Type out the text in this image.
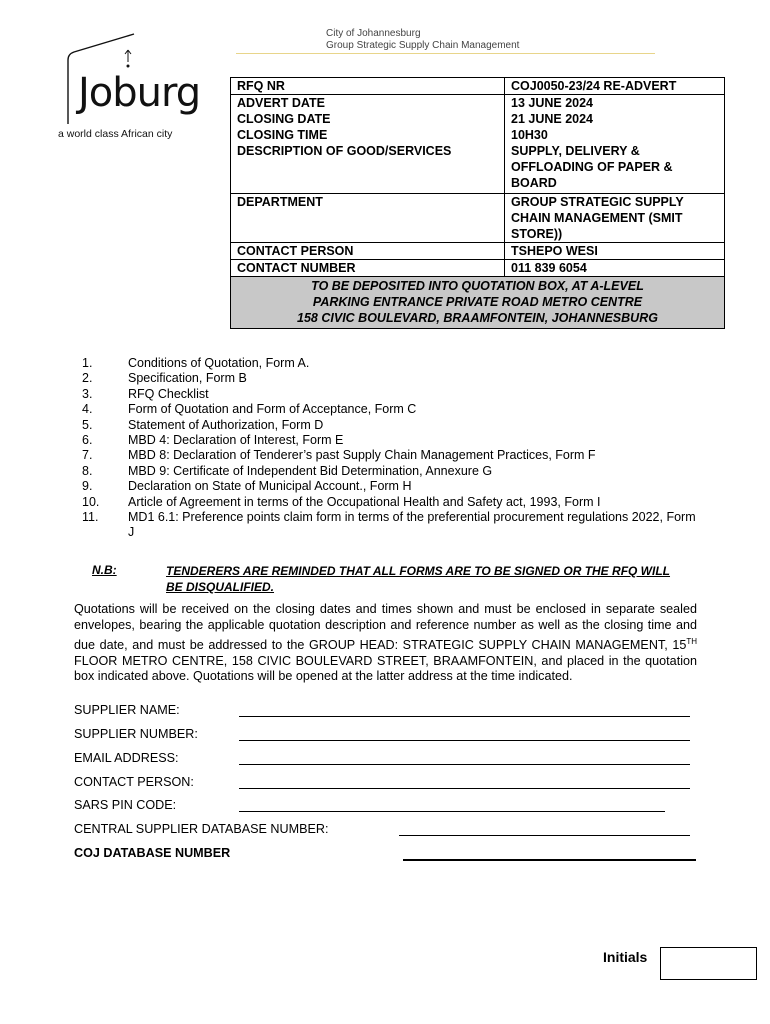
City of Johannesburg
Group Strategic Supply Chain Management
Joburg
a world class African city
RFQ NR	COJ0050-23/24 RE-ADVERT
ADVERT DATE	13 JUNE 2024
CLOSING DATE	21 JUNE 2024
CLOSING TIME	10H30
DESCRIPTION OF GOOD/SERVICES	SUPPLY, DELIVERY & OFFLOADING OF PAPER & BOARD
DEPARTMENT	GROUP STRATEGIC SUPPLY CHAIN MANAGEMENT (SMIT STORE))
CONTACT PERSON	TSHEPO WESI
CONTACT NUMBER	011 839 6054
TO BE DEPOSITED INTO QUOTATION BOX, AT A-LEVEL
PARKING ENTRANCE PRIVATE ROAD METRO CENTRE
158 CIVIC BOULEVARD, BRAAMFONTEIN, JOHANNESBURG
1.	Conditions of Quotation, Form A.
2.	Specification, Form B
3.	RFQ Checklist
4.	Form of Quotation and Form of Acceptance, Form C
5.	Statement of Authorization, Form D
6.	MBD 4: Declaration of Interest, Form E
7.	MBD 8: Declaration of Tenderer’s past Supply Chain Management Practices, Form F
8.	MBD 9: Certificate of Independent Bid Determination, Annexure G
9.	Declaration on State of Municipal Account., Form H
10.	Article of Agreement in terms of the Occupational Health and Safety act, 1993, Form I
11.	MD1 6.1: Preference points claim form in terms of the preferential procurement regulations 2022, Form J
N.B:	TENDERERS ARE REMINDED THAT ALL FORMS ARE TO BE SIGNED OR THE RFQ WILL BE DISQUALIFIED.
Quotations will be received on the closing dates and times shown and must be enclosed in separate sealed envelopes, bearing the applicable quotation description and reference number as well as the closing time and due date, and must be addressed to the GROUP HEAD: STRATEGIC SUPPLY CHAIN MANAGEMENT, 15TH FLOOR METRO CENTRE, 158 CIVIC BOULEVARD STREET, BRAAMFONTEIN, and placed in the quotation box indicated above. Quotations will be opened at the latter address at the time indicated.
SUPPLIER NAME:
SUPPLIER NUMBER:
EMAIL ADDRESS:
CONTACT PERSON:
SARS PIN CODE:
CENTRAL SUPPLIER DATABASE NUMBER:
COJ DATABASE NUMBER
Initials
